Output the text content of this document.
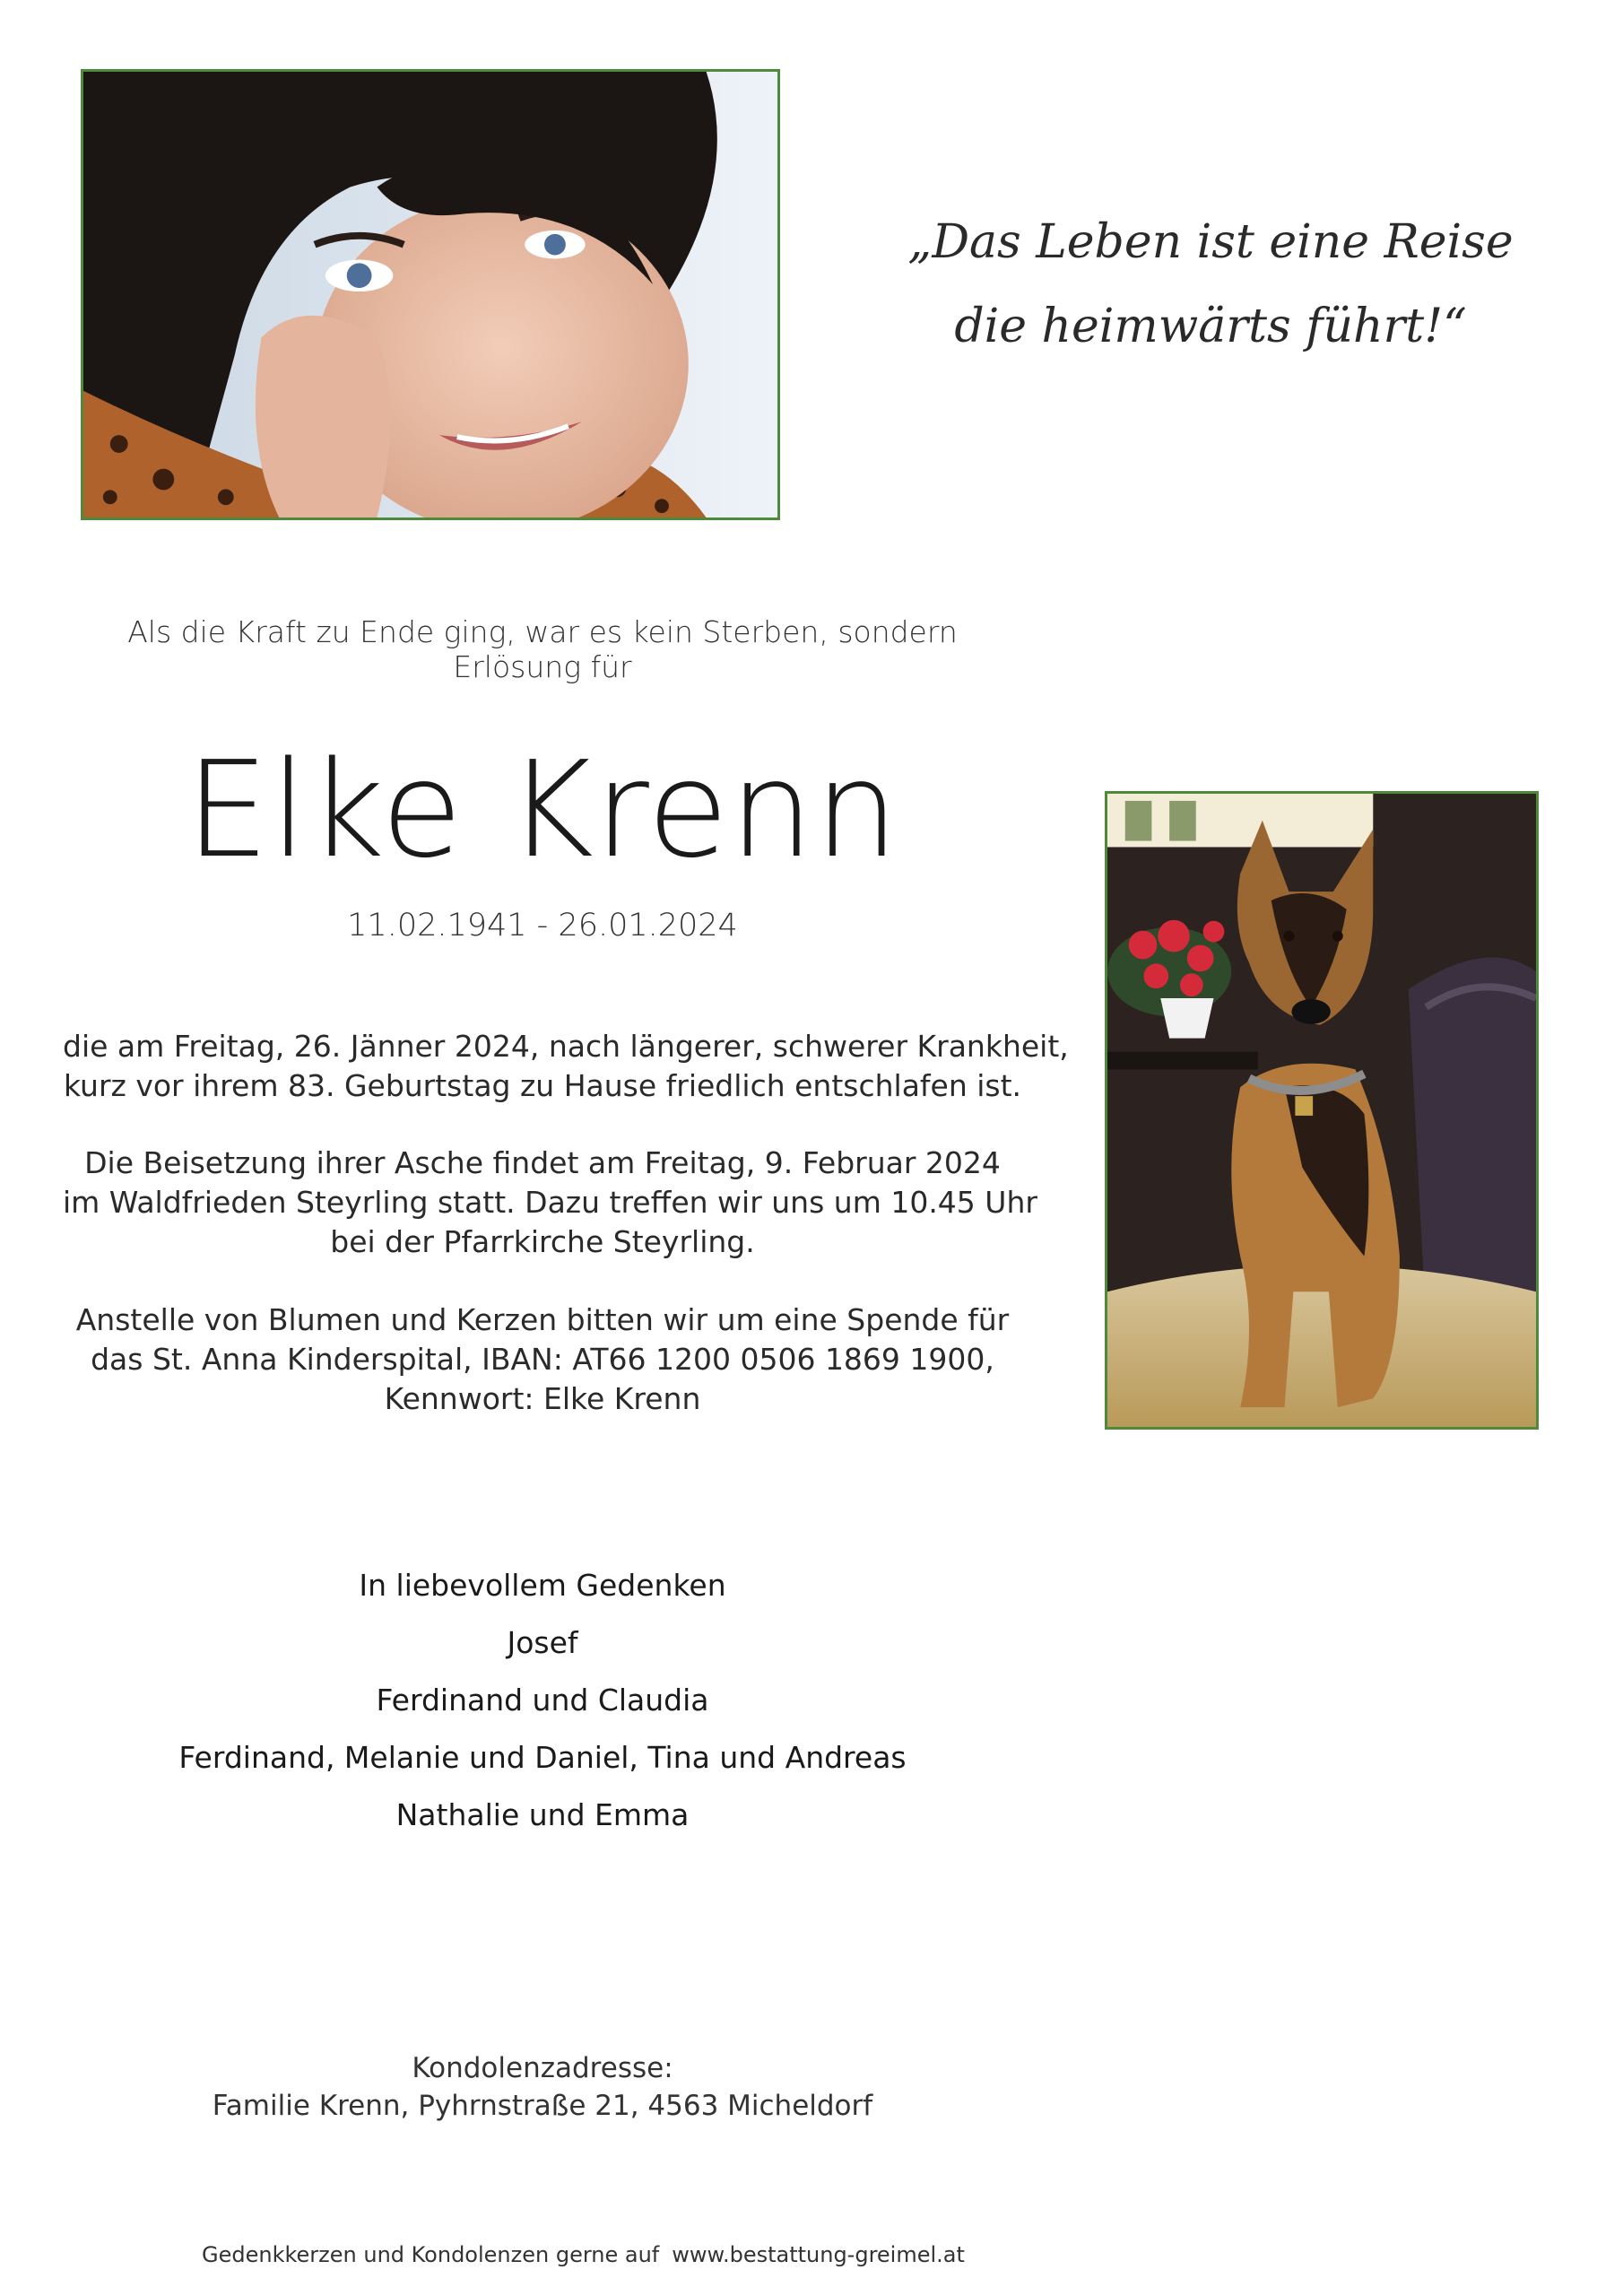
„Das Leben ist eine Reise
die heimwärts führt!“
Als die Kraft zu Ende ging, war es kein Sterben, sondern Erlösung für
Elke Krenn
11.02.1941 - 26.01.2024
die am Freitag, 26. Jänner 2024, nach längerer, schwerer Krankheit,
kurz vor ihrem 83. Geburtstag zu Hause friedlich entschlafen ist.
Die Beisetzung ihrer Asche findet am Freitag, 9. Februar 2024
im Waldfrieden Steyrling statt. Dazu treffen wir uns um 10.45 Uhr
bei der Pfarrkirche Steyrling.
Anstelle von Blumen und Kerzen bitten wir um eine Spende für
das St. Anna Kinderspital, IBAN: AT66 1200 0506 1869 1900,
Kennwort: Elke Krenn
In liebevollem Gedenken
Josef
Ferdinand und Claudia
Ferdinand, Melanie und Daniel, Tina und Andreas
Nathalie und Emma
Kondolenzadresse:
Familie Krenn, Pyhrnstraße 21, 4563 Micheldorf
Gedenkkerzen und Kondolenzen gerne auf www.bestattung-greimel.at
